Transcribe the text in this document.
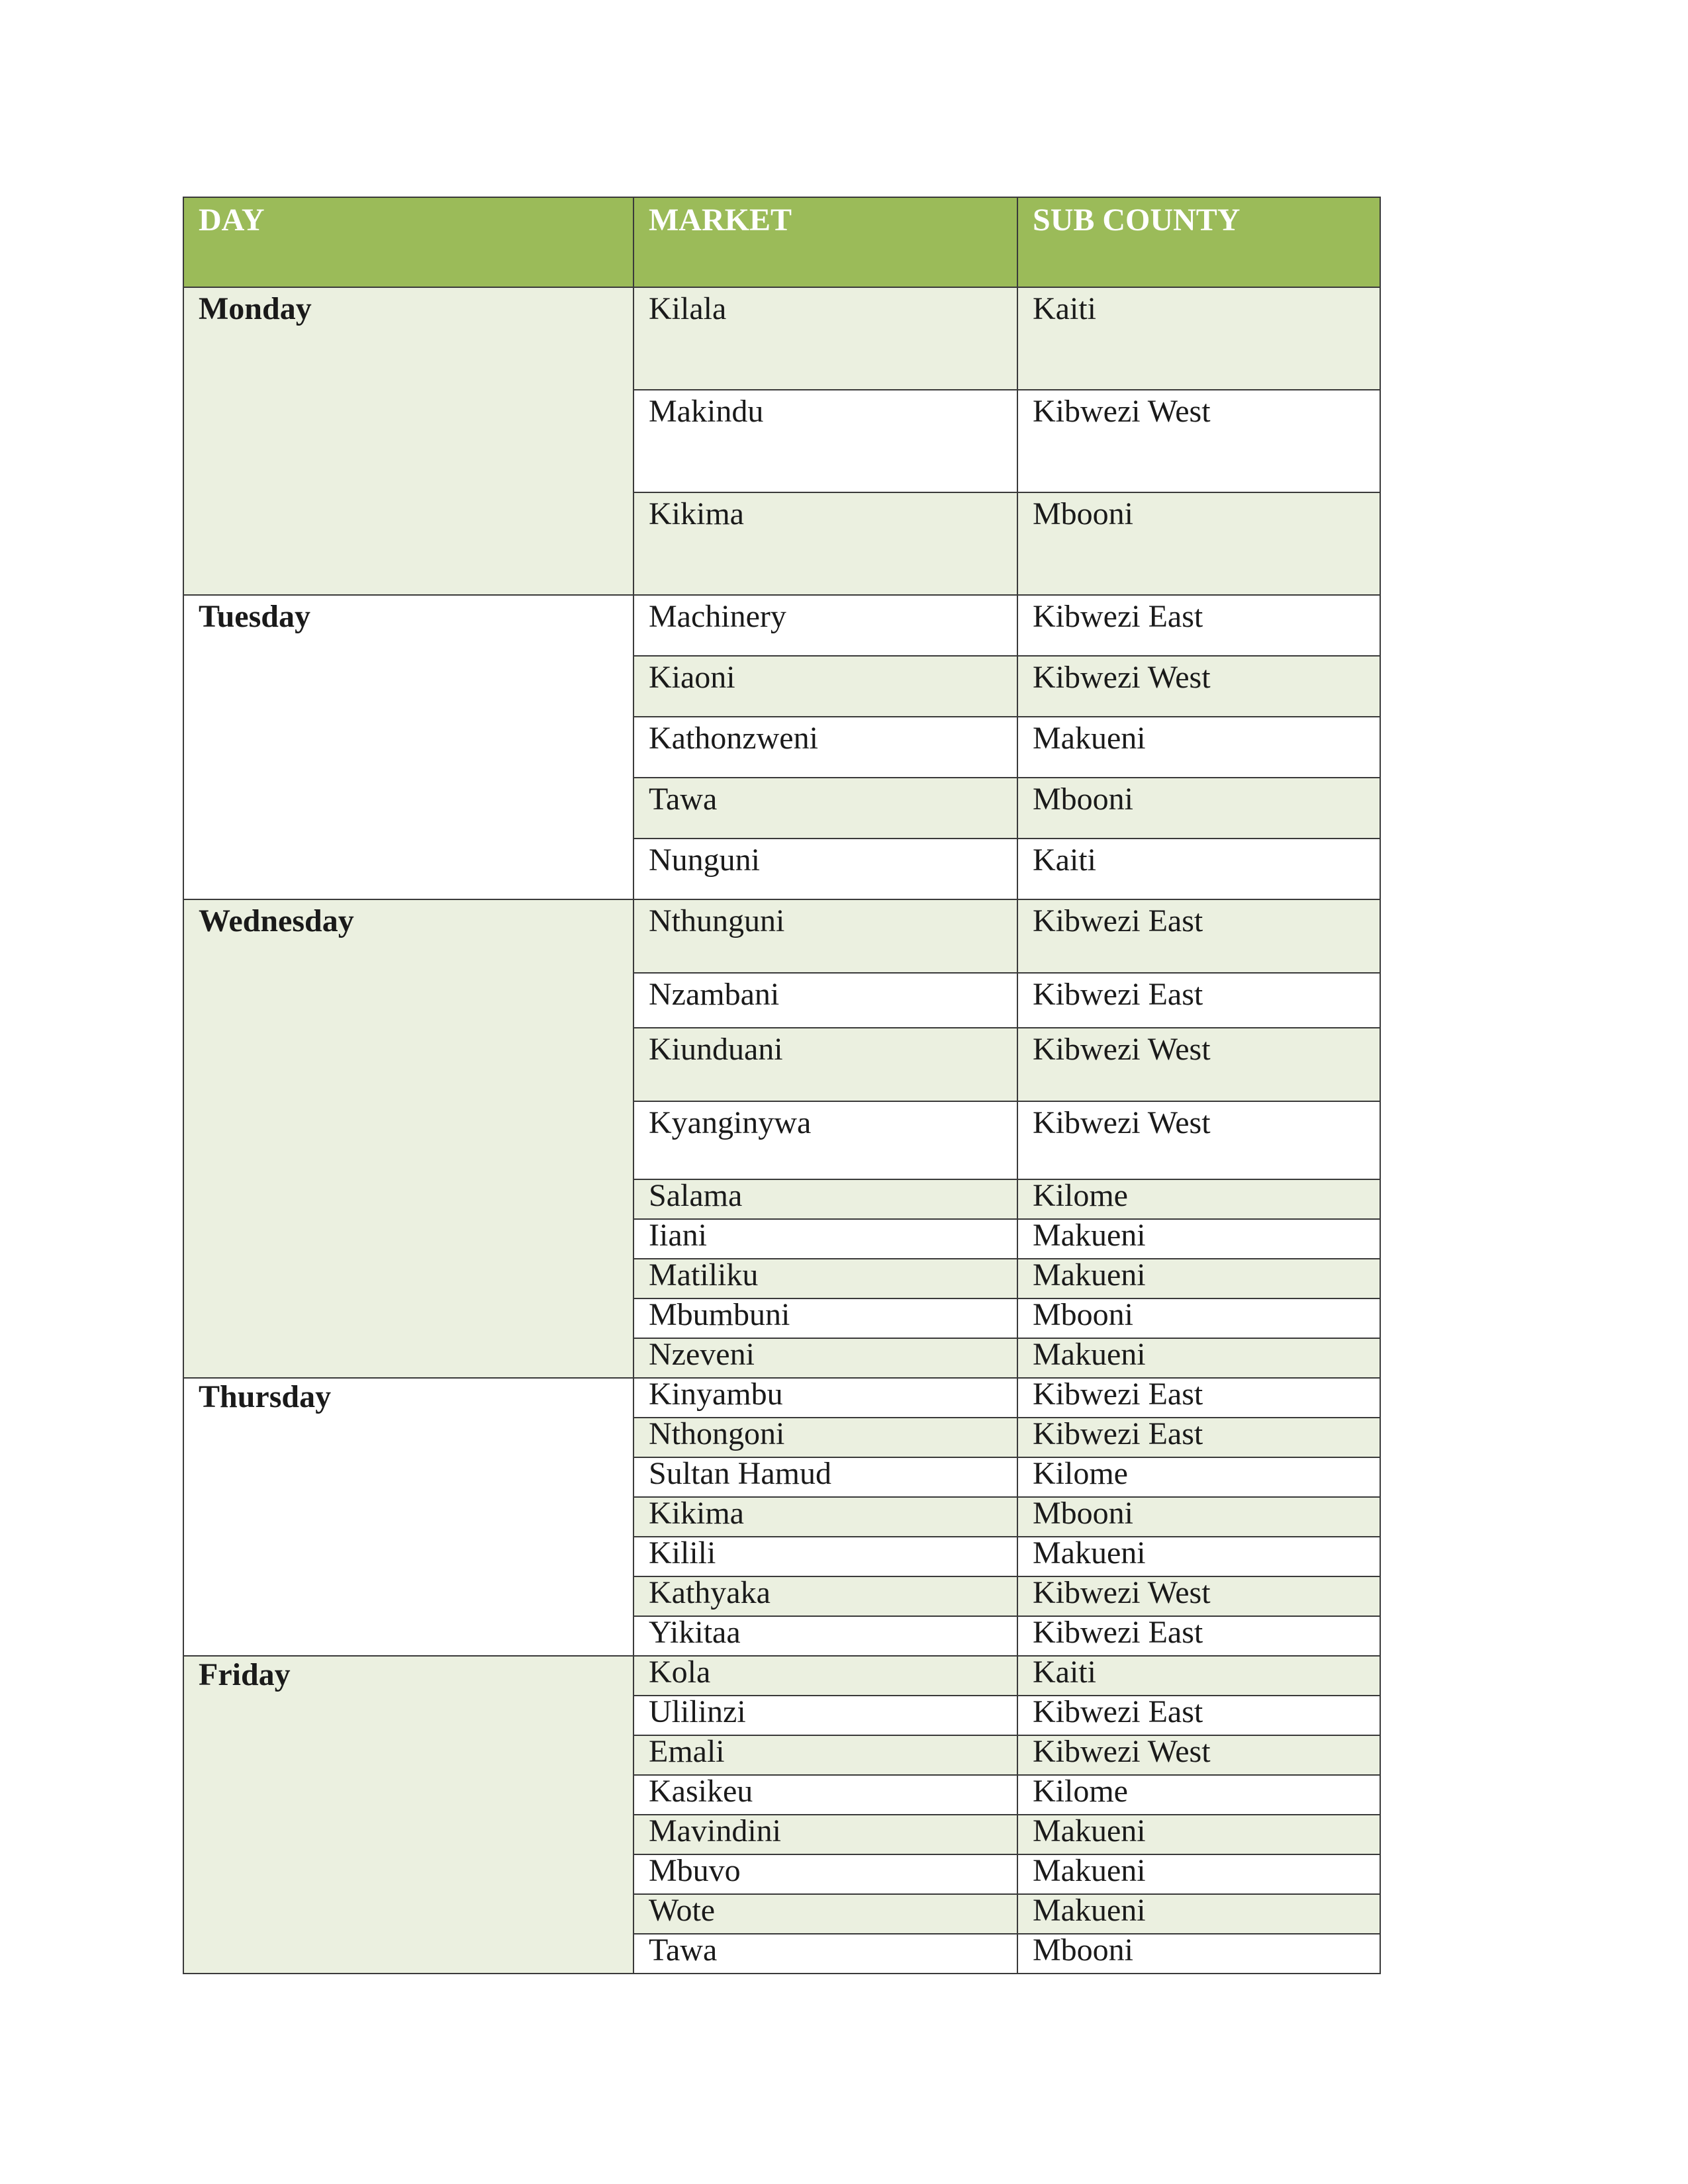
DAY	MARKET	SUB COUNTY
Monday	Kilala	Kaiti
	Makindu	Kibwezi West
	Kikima	Mbooni
Tuesday	Machinery	Kibwezi East
	Kiaoni	Kibwezi West
	Kathonzweni	Makueni
	Tawa	Mbooni
	Nunguni	Kaiti
Wednesday	Nthunguni	Kibwezi East
	Nzambani	Kibwezi East
	Kiunduani	Kibwezi West
	Kyanginywa	Kibwezi West
	Salama	Kilome
	Iiani	Makueni
	Matiliku	Makueni
	Mbumbuni	Mbooni
	Nzeveni	Makueni
Thursday	Kinyambu	Kibwezi East
	Nthongoni	Kibwezi East
	Sultan Hamud	Kilome
	Kikima	Mbooni
	Kilili	Makueni
	Kathyaka	Kibwezi West
	Yikitaa	Kibwezi East
Friday	Kola	Kaiti
	Ulilinzi	Kibwezi East
	Emali	Kibwezi West
	Kasikeu	Kilome
	Mavindini	Makueni
	Mbuvo	Makueni
	Wote	Makueni
	Tawa	Mbooni
